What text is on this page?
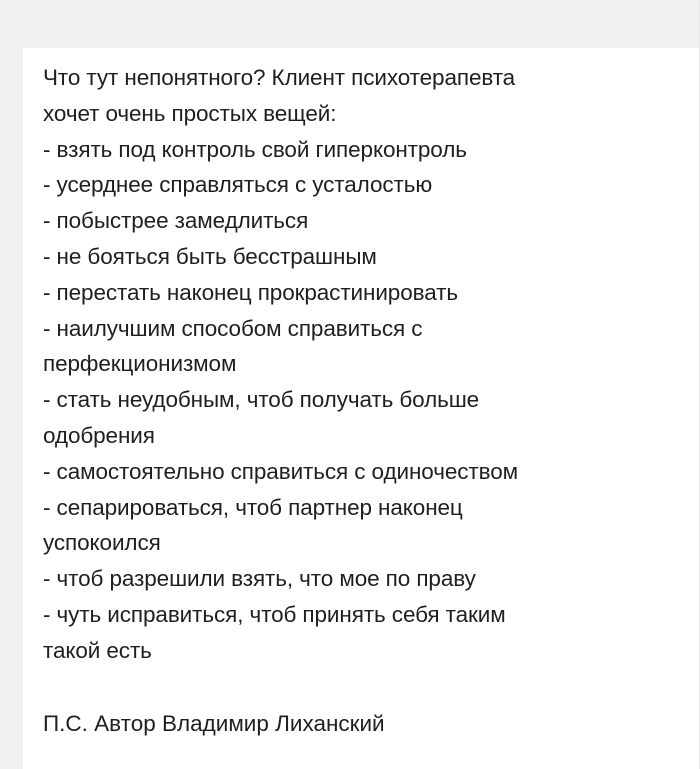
Что тут непонятного? Клиент психотерапевта
хочет очень простых вещей:
- взять под контроль свой гиперконтроль
- усерднее справляться с усталостью
- побыстрее замедлиться
- не бояться быть бесстрашным
- перестать наконец прокрастинировать
- наилучшим способом справиться с
перфекционизмом
- стать неудобным, чтоб получать больше
одобрения
- самостоятельно справиться с одиночеством
- сепарироваться, чтоб партнер наконец
успокоился
- чтоб разрешили взять, что мое по праву
- чуть исправиться, чтоб принять себя таким
такой есть
П.С. Автор Владимир Лиханский
